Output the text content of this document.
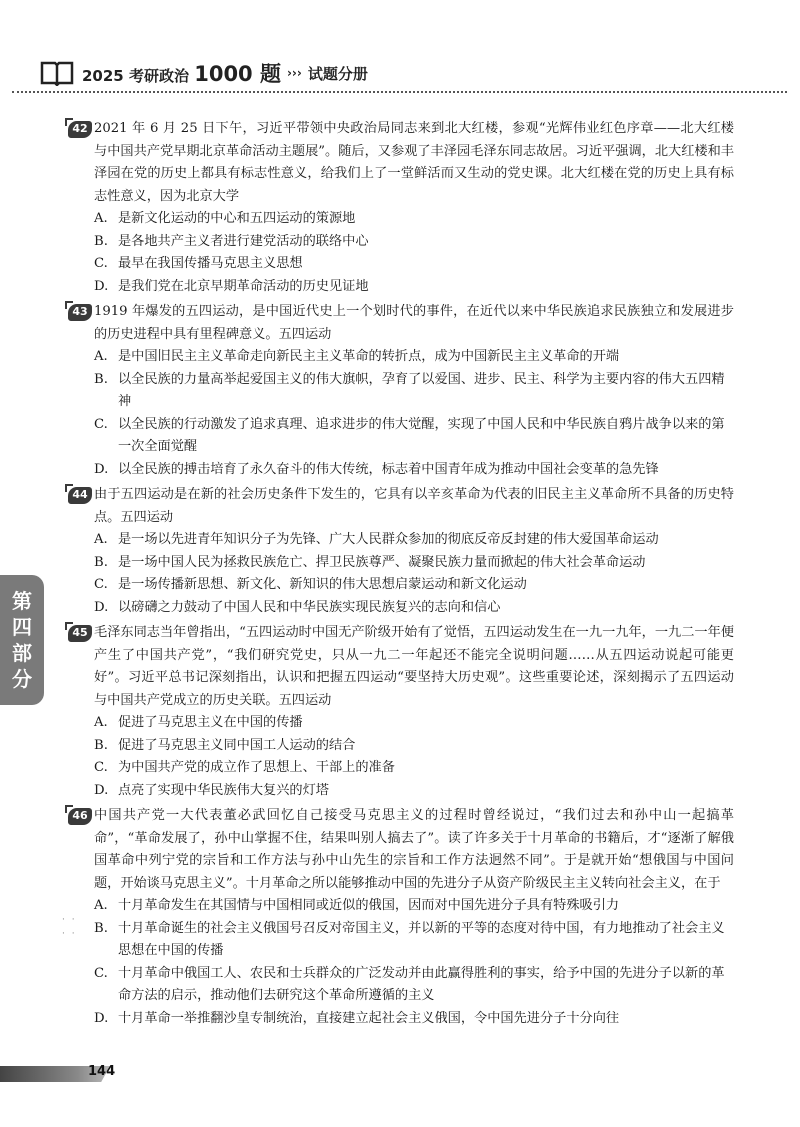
2025 考研政治 1000 题 ››› 试题分册
第
四
部
分
· ·
· ·
42 2021 年 6 月 25 日下午，习近平带领中央政治局同志来到北大红楼，参观“光辉伟业红色序章——北大红楼与中国共产党早期北京革命活动主题展”。随后，又参观了丰泽园毛泽东同志故居。习近平强调，北大红楼和丰泽园在党的历史上都具有标志性意义，给我们上了一堂鲜活而又生动的党史课。北大红楼在党的历史上具有标志性意义，因为北京大学
A. 是新文化运动的中心和五四运动的策源地
B. 是各地共产主义者进行建党活动的联络中心
C. 最早在我国传播马克思主义思想
D. 是我们党在北京早期革命活动的历史见证地
43 1919 年爆发的五四运动，是中国近代史上一个划时代的事件，在近代以来中华民族追求民族独立和发展进步的历史进程中具有里程碑意义。五四运动
A. 是中国旧民主主义革命走向新民主主义革命的转折点，成为中国新民主主义革命的开端
B. 以全民族的力量高举起爱国主义的伟大旗帜，孕育了以爱国、进步、民主、科学为主要内容的伟大五四精神
C. 以全民族的行动激发了追求真理、追求进步的伟大觉醒，实现了中国人民和中华民族自鸦片战争以来的第一次全面觉醒
D. 以全民族的搏击培育了永久奋斗的伟大传统，标志着中国青年成为推动中国社会变革的急先锋
44 由于五四运动是在新的社会历史条件下发生的，它具有以辛亥革命为代表的旧民主主义革命所不具备的历史特点。五四运动
A. 是一场以先进青年知识分子为先锋、广大人民群众参加的彻底反帝反封建的伟大爱国革命运动
B. 是一场中国人民为拯救民族危亡、捍卫民族尊严、凝聚民族力量而掀起的伟大社会革命运动
C. 是一场传播新思想、新文化、新知识的伟大思想启蒙运动和新文化运动
D. 以磅礴之力鼓动了中国人民和中华民族实现民族复兴的志向和信心
45 毛泽东同志当年曾指出，“五四运动时中国无产阶级开始有了觉悟，五四运动发生在一九一九年，一九二一年便产生了中国共产党”，“我们研究党史，只从一九二一年起还不能完全说明问题……从五四运动说起可能更好”。习近平总书记深刻指出，认识和把握五四运动“要坚持大历史观”。这些重要论述，深刻揭示了五四运动与中国共产党成立的历史关联。五四运动
A. 促进了马克思主义在中国的传播
B. 促进了马克思主义同中国工人运动的结合
C. 为中国共产党的成立作了思想上、干部上的准备
D. 点亮了实现中华民族伟大复兴的灯塔
46 中国共产党一大代表董必武回忆自己接受马克思主义的过程时曾经说过，“我们过去和孙中山一起搞革命”，“革命发展了，孙中山掌握不住，结果叫别人搞去了”。读了许多关于十月革命的书籍后，才“逐渐了解俄国革命中列宁党的宗旨和工作方法与孙中山先生的宗旨和工作方法迥然不同”。于是就开始“想俄国与中国问题，开始谈马克思主义”。十月革命之所以能够推动中国的先进分子从资产阶级民主主义转向社会主义，在于
A. 十月革命发生在其国情与中国相同或近似的俄国，因而对中国先进分子具有特殊吸引力
B. 十月革命诞生的社会主义俄国号召反对帝国主义，并以新的平等的态度对待中国，有力地推动了社会主义思想在中国的传播
C. 十月革命中俄国工人、农民和士兵群众的广泛发动并由此赢得胜利的事实，给予中国的先进分子以新的革命方法的启示，推动他们去研究这个革命所遵循的主义
D. 十月革命一举推翻沙皇专制统治，直接建立起社会主义俄国，令中国先进分子十分向往
144
